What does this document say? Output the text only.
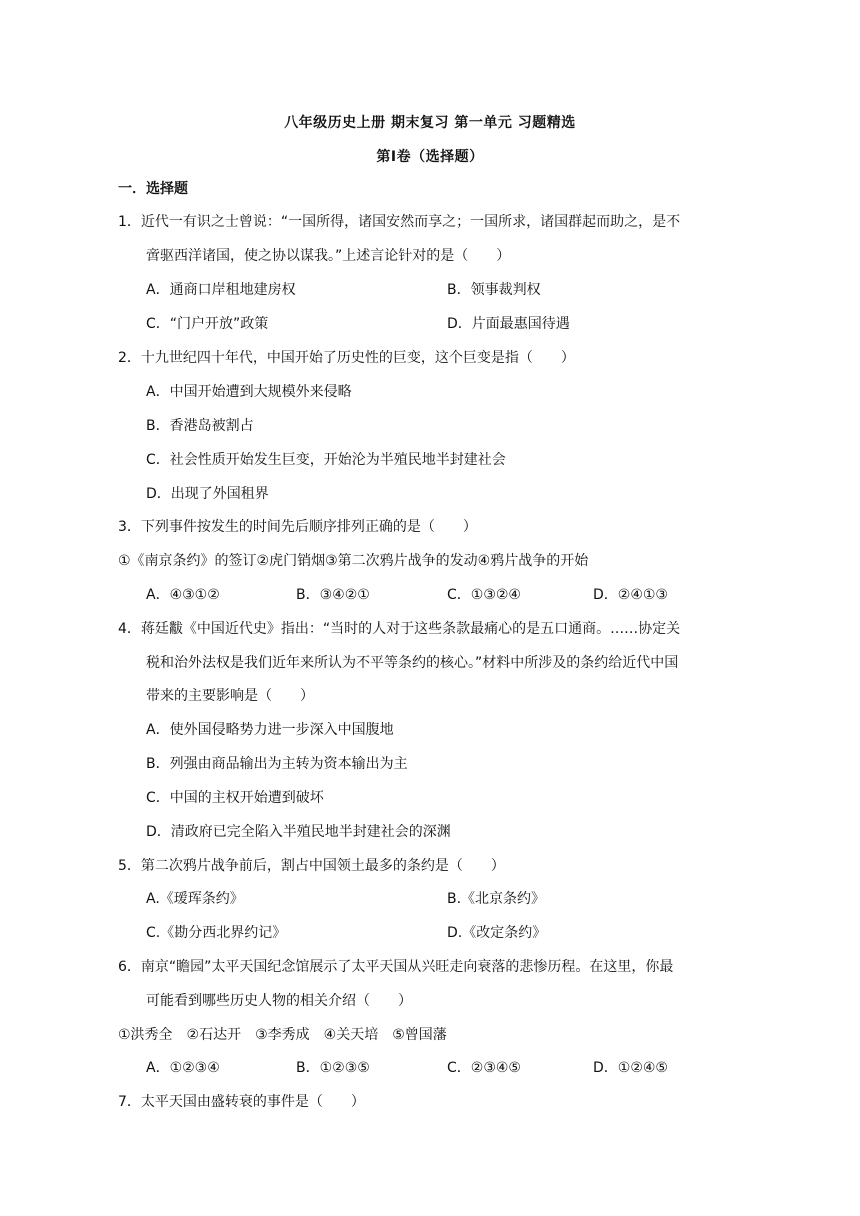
八年级历史上册 期末复习 第一单元 习题精选
第Ⅰ卷（选择题）
一．选择题
1．近代一有识之士曾说：“一国所得，诸国安然而享之；一国所求，诸国群起而助之，是不
啻驱西洋诸国，使之协以谋我。”上述言论针对的是（　　）
A．通商口岸租地建房权	B．领事裁判权
C．“门户开放”政策	D．片面最惠国待遇
2．十九世纪四十年代，中国开始了历史性的巨变，这个巨变是指（　　）
A．中国开始遭到大规模外来侵略
B．香港岛被割占
C．社会性质开始发生巨变，开始沦为半殖民地半封建社会
D．出现了外国租界
3．下列事件按发生的时间先后顺序排列正确的是（　　）
①《南京条约》的签订②虎门销烟③第二次鸦片战争的发动④鸦片战争的开始
A．④③①②	B．③④②①	C．①③②④	D．②④①③
4．蒋廷黻《中国近代史》指出：“当时的人对于这些条款最痛心的是五口通商。……协定关
税和治外法权是我们近年来所认为不平等条约的核心。”材料中所涉及的条约给近代中国
带来的主要影响是（　　）
A．使外国侵略势力进一步深入中国腹地
B．列强由商品输出为主转为资本输出为主
C．中国的主权开始遭到破坏
D．清政府已完全陷入半殖民地半封建社会的深渊
5．第二次鸦片战争前后，割占中国领土最多的条约是（　　）
A.《瑷珲条约》	B.《北京条约》
C.《勘分西北界约记》	D.《改定条约》
6．南京“瞻园”太平天国纪念馆展示了太平天国从兴旺走向衰落的悲惨历程。在这里，你最
可能看到哪些历史人物的相关介绍（　　）
①洪秀全　②石达开　③李秀成　④关天培　⑤曾国藩
A．①②③④	B．①②③⑤	C．②③④⑤	D．①②④⑤
7．太平天国由盛转衰的事件是（　　）
